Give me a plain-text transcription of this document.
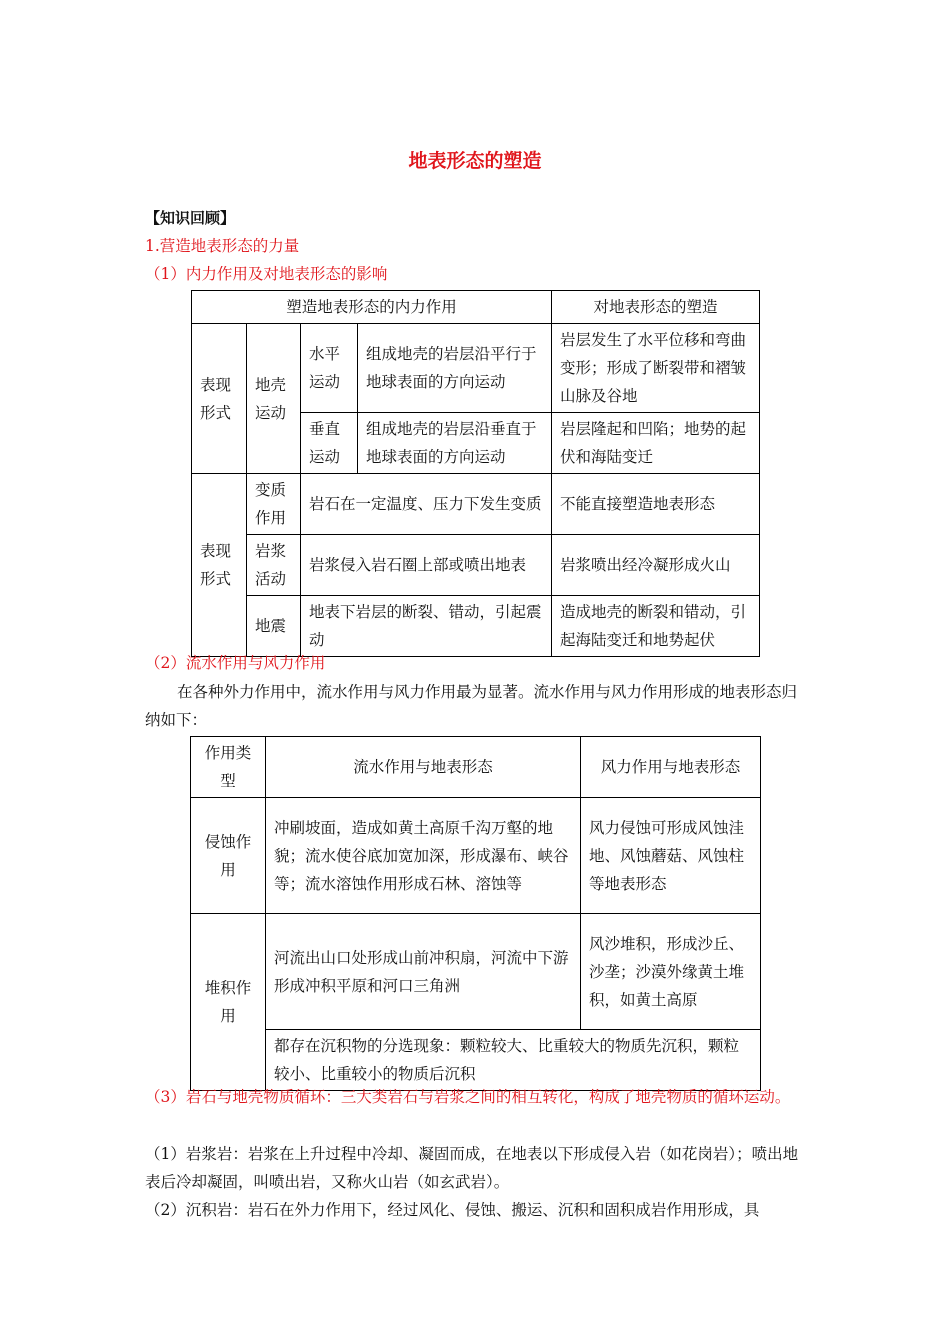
地表形态的塑造
【知识回顾】
1.营造地表形态的力量
（1）内力作用及对地表形态的影响
塑造地表形态的内力作用				对地表形态的塑造
表现形式	地壳运动	水平运动	组成地壳的岩层沿平行于地球表面的方向运动	岩层发生了水平位移和弯曲变形；形成了断裂带和褶皱山脉及谷地
		垂直运动	组成地壳的岩层沿垂直于地球表面的方向运动	岩层隆起和凹陷；地势的起伏和海陆变迁
表现形式	变质作用	岩石在一定温度、压力下发生变质		不能直接塑造地表形态
	岩浆活动	岩浆侵入岩石圈上部或喷出地表		岩浆喷出经冷凝形成火山
	地震	地表下岩层的断裂、错动，引起震动		造成地壳的断裂和错动，引起海陆变迁和地势起伏
（2）流水作用与风力作用
在各种外力作用中，流水作用与风力作用最为显著。流水作用与风力作用形成的地表形态归纳如下：
作用类型	流水作用与地表形态	风力作用与地表形态
侵蚀作用	冲刷坡面，造成如黄土高原千沟万壑的地貌；流水使谷底加宽加深，形成瀑布、峡谷等；流水溶蚀作用形成石林、溶蚀等	风力侵蚀可形成风蚀洼地、风蚀蘑菇、风蚀柱等地表形态
堆积作用	河流出山口处形成山前冲积扇，河流中下游形成冲积平原和河口三角洲	风沙堆积，形成沙丘、沙垄；沙漠外缘黄土堆积，如黄土高原
	都存在沉积物的分选现象：颗粒较大、比重较大的物质先沉积，颗粒较小、比重较小的物质后沉积	
（3）岩石与地壳物质循环：三大类岩石与岩浆之间的相互转化，构成了地壳物质的循环运动。
（1）岩浆岩：岩浆在上升过程中冷却、凝固而成，在地表以下形成侵入岩（如花岗岩）；喷出地表后冷却凝固，叫喷出岩，又称火山岩（如玄武岩）。
（2）沉积岩：岩石在外力作用下，经过风化、侵蚀、搬运、沉积和固积成岩作用形成，具
